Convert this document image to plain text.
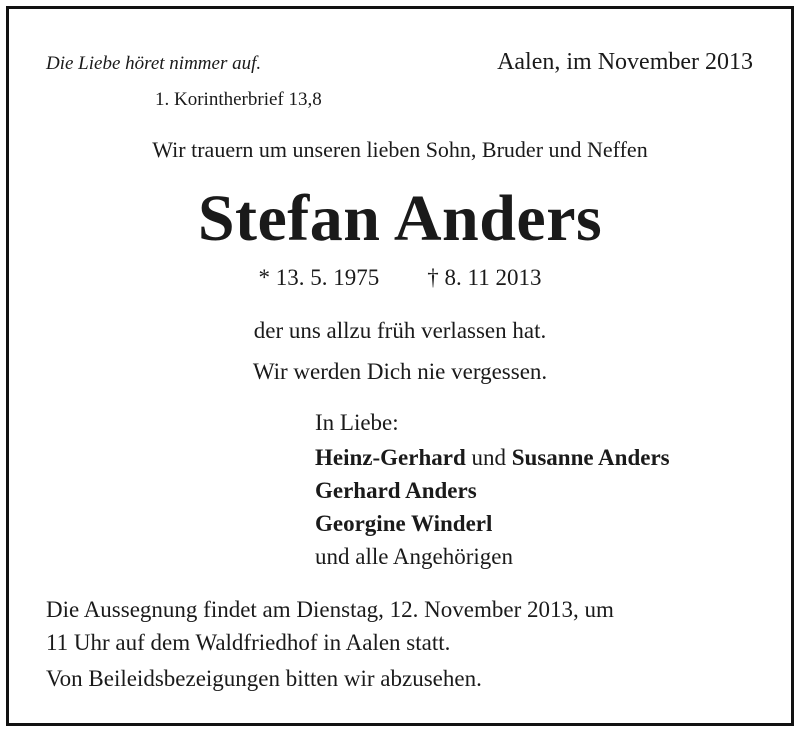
Die Liebe höret nimmer auf.
1. Korintherbrief 13,8
Aalen, im November 2013
Wir trauern um unseren lieben Sohn, Bruder und Neffen
Stefan Anders
* 13. 5. 1975 † 8. 11 2013
der uns allzu früh verlassen hat.
Wir werden Dich nie vergessen.
In Liebe:
Heinz-Gerhard und Susanne Anders
Gerhard Anders
Georgine Winderl
und alle Angehörigen
Die Aussegnung findet am Dienstag, 12. November 2013, um
11 Uhr auf dem Waldfriedhof in Aalen statt.
Von Beileidsbezeigungen bitten wir abzusehen.
